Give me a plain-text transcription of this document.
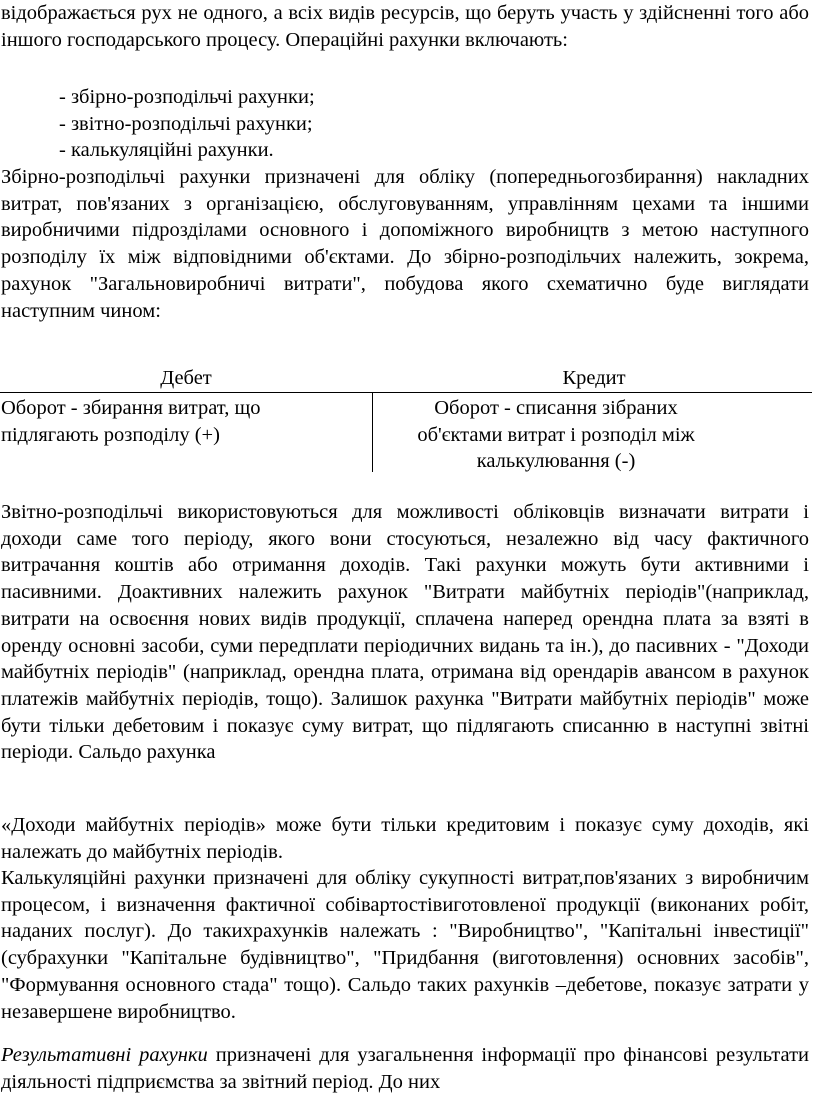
відображається рух не одного, а всіх видів ресурсів, що беруть участь у здійсненні того або іншого господарського процесу. Операційні рахунки включають:

- збірно-розподільчі рахунки;
- звітно-розподільчі рахунки;
- калькуляційні рахунки.

Збірно-розподільчі рахунки призначені для обліку (попередньогозбирання) накладних витрат, пов'язаних з організацією, обслуговуванням, управлінням цехами та іншими виробничими підрозділами основного і допоміжного виробництв з метою наступного розподілу їх між відповідними об'єктами. До збірно-розподільчих належить, зокрема, рахунок "Загальновиробничі витрати", побудова якого схематично буде виглядати наступним чином:

Дебет	Кредит
Оборот - збирання витрат, що підлягають розподілу (+)
Оборот - списання зібраних
об'єктами витрат і розподіл між
калькулювання (-)

Звітно-розподільчі використовуються для можливості обліковців визначати витрати і доходи саме того періоду, якого вони стосуються, незалежно від часу фактичного витрачання коштів або отримання доходів. Такі рахунки можуть бути активними і пасивними. Доактивних належить рахунок "Витрати майбутніх періодів"(наприклад, витрати на освоєння нових видів продукції, сплачена наперед орендна плата за взяті в оренду основні засоби, суми передплати періодичних видань та ін.), до пасивних - "Доходи майбутніх періодів" (наприклад, орендна плата, отримана від орендарів авансом в рахунок платежів майбутніх періодів, тощо). Залишок рахунка "Витрати майбутніх періодів" може бути тільки дебетовим і показує суму витрат, що підлягають списанню в наступні звітні періоди. Сальдо рахунка

«Доходи майбутніх періодів» може бути тільки кредитовим і показує суму доходів, які належать до майбутніх періодів.

Калькуляційні рахунки призначені для обліку сукупності витрат,пов'язаних з виробничим процесом, і визначення фактичної собівартостівиготовленої продукції (виконаних робіт, наданих послуг). До такихрахунків належать : "Виробництво", "Капітальні інвестиції" (субрахунки "Капітальне будівництво", "Придбання (виготовлення) основних засобів", "Формування основного стада" тощо). Сальдо таких рахунків –дебетове, показує затрати у незавершене виробництво.

Результативні рахунки призначені для узагальнення інформації про фінансові результати діяльності підприємства за звітний період. До них
